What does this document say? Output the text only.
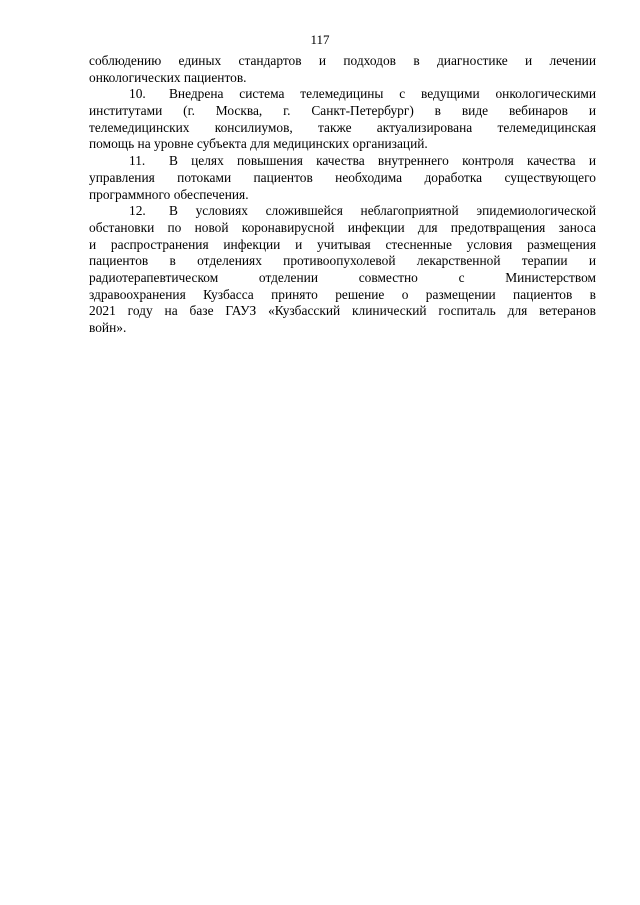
117
соблюдению единых стандартов и подходов в диагностике и лечении
онкологических пациентов.
10. Внедрена система телемедицины с ведущими онкологическими
институтами (г. Москва, г. Санкт-Петербург) в виде вебинаров и
телемедицинских консилиумов, также актуализирована телемедицинская
помощь на уровне субъекта для медицинских организаций.
11. В целях повышения качества внутреннего контроля качества и
управления потоками пациентов необходима доработка существующего
программного обеспечения.
12. В условиях сложившейся неблагоприятной эпидемиологической
обстановки по новой коронавирусной инфекции для предотвращения заноса
и распространения инфекции и учитывая стесненные условия размещения
пациентов в отделениях противоопухолевой лекарственной терапии и
радиотерапевтическом отделении совместно с Министерством
здравоохранения Кузбасса принято решение о размещении пациентов в
2021 году на базе ГАУЗ «Кузбасский клинический госпиталь для ветеранов
войн».
